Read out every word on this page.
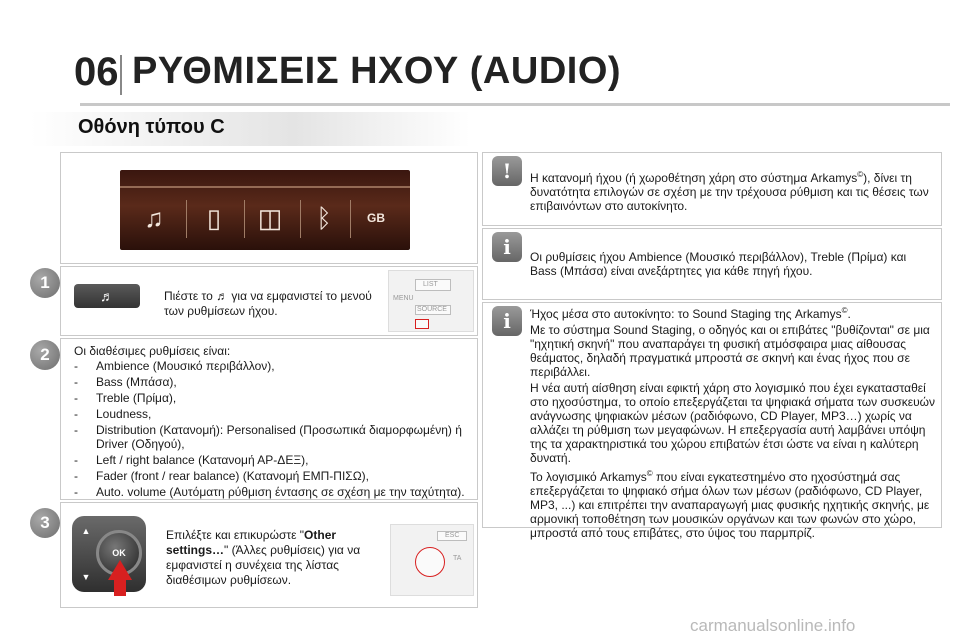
06 ΡΥΘΜΙΣΕΙΣ ΗΧΟΥ (AUDIO)
Οθόνη τύπου C
♫	▯	◫	ᛒ	GB
1
♬	Πιέστε το ♬ για να εμφανιστεί το μενού των ρυθμίσεων ήχου.
LIST
SOURCE
MENU
2	Οι διαθέσιμες ρυθμίσεις είναι:
- Ambience (Μουσικό περιβάλλον),
- Bass (Μπάσα),
- Treble (Πρίμα),
- Loudness,
- Distribution (Κατανομή): Personalised (Προσωπικά διαμορφωμένη) ή Driver (Οδηγού),
- Left / right balance (Κατανομή ΑΡ-ΔΕΞ),
- Fader (front / rear balance) (Κατανομή ΕΜΠ-ΠΙΣΩ),
- Auto. volume (Αυτόματη ρύθμιση έντασης σε σχέση με την ταχύτητα).
3	▲
▼
OK
Επιλέξτε και επικυρώστε "Other settings…" (Άλλες ρυθμίσεις) για να εμφανιστεί η συνέχεια της λίστας διαθέσιμων ρυθμίσεων.
ESC
TA
!	Η κατανομή ήχου (ή χωροθέτηση χάρη στο σύστημα Arkamys©), δίνει τη δυνατότητα επιλογών σε σχέση με την τρέχουσα ρύθμιση και τις θέσεις των επιβαινόντων στο αυτοκίνητο.

i	Οι ρυθμίσεις ήχου Ambience (Μουσικό περιβάλλον), Treble (Πρίμα) και Bass (Μπάσα) είναι ανεξάρτητες για κάθε πηγή ήχου.
i	Ήχος μέσα στο αυτοκίνητο: το Sound Staging της Arkamys©.

Με το σύστημα Sound Staging, ο οδηγός και οι επιβάτες "βυθίζονται" σε μια "ηχητική σκηνή" που αναπαράγει τη φυσική ατμόσφαιρα μιας αίθουσας θεάματος, δηλαδή πραγματικά μπροστά σε σκηνή και ένας ήχος που σε περιβάλλει.

Η νέα αυτή αίσθηση είναι εφικτή χάρη στο λογισμικό που έχει εγκατασταθεί στο ηχοσύστημα, το οποίο επεξεργάζεται τα ψηφιακά σήματα των συσκευών ανάγνωσης ψηφιακών μέσων (ραδιόφωνο, CD Player, MP3…) χωρίς να αλλάζει τη ρύθμιση των μεγαφώνων. Η επεξεργασία αυτή λαμβάνει υπόψη της τα χαρακτηριστικά του χώρου επιβατών έτσι ώστε να είναι η καλύτερη δυνατή.

Το λογισμικό Arkamys© που είναι εγκατεστημένο στο ηχοσύστημά σας επεξεργάζεται το ψηφιακό σήμα όλων των μέσων (ραδιόφωνο, CD Player, MP3, ...) και επιτρέπει την αναπαραγωγή μιας φυσικής ηχητικής σκηνής, με αρμονική τοποθέτηση των μουσικών οργάνων και των φωνών στο χώρο, μπροστά από τους επιβάτες, στο ύψος του παρμπρίζ.

carmanualsonline.info
